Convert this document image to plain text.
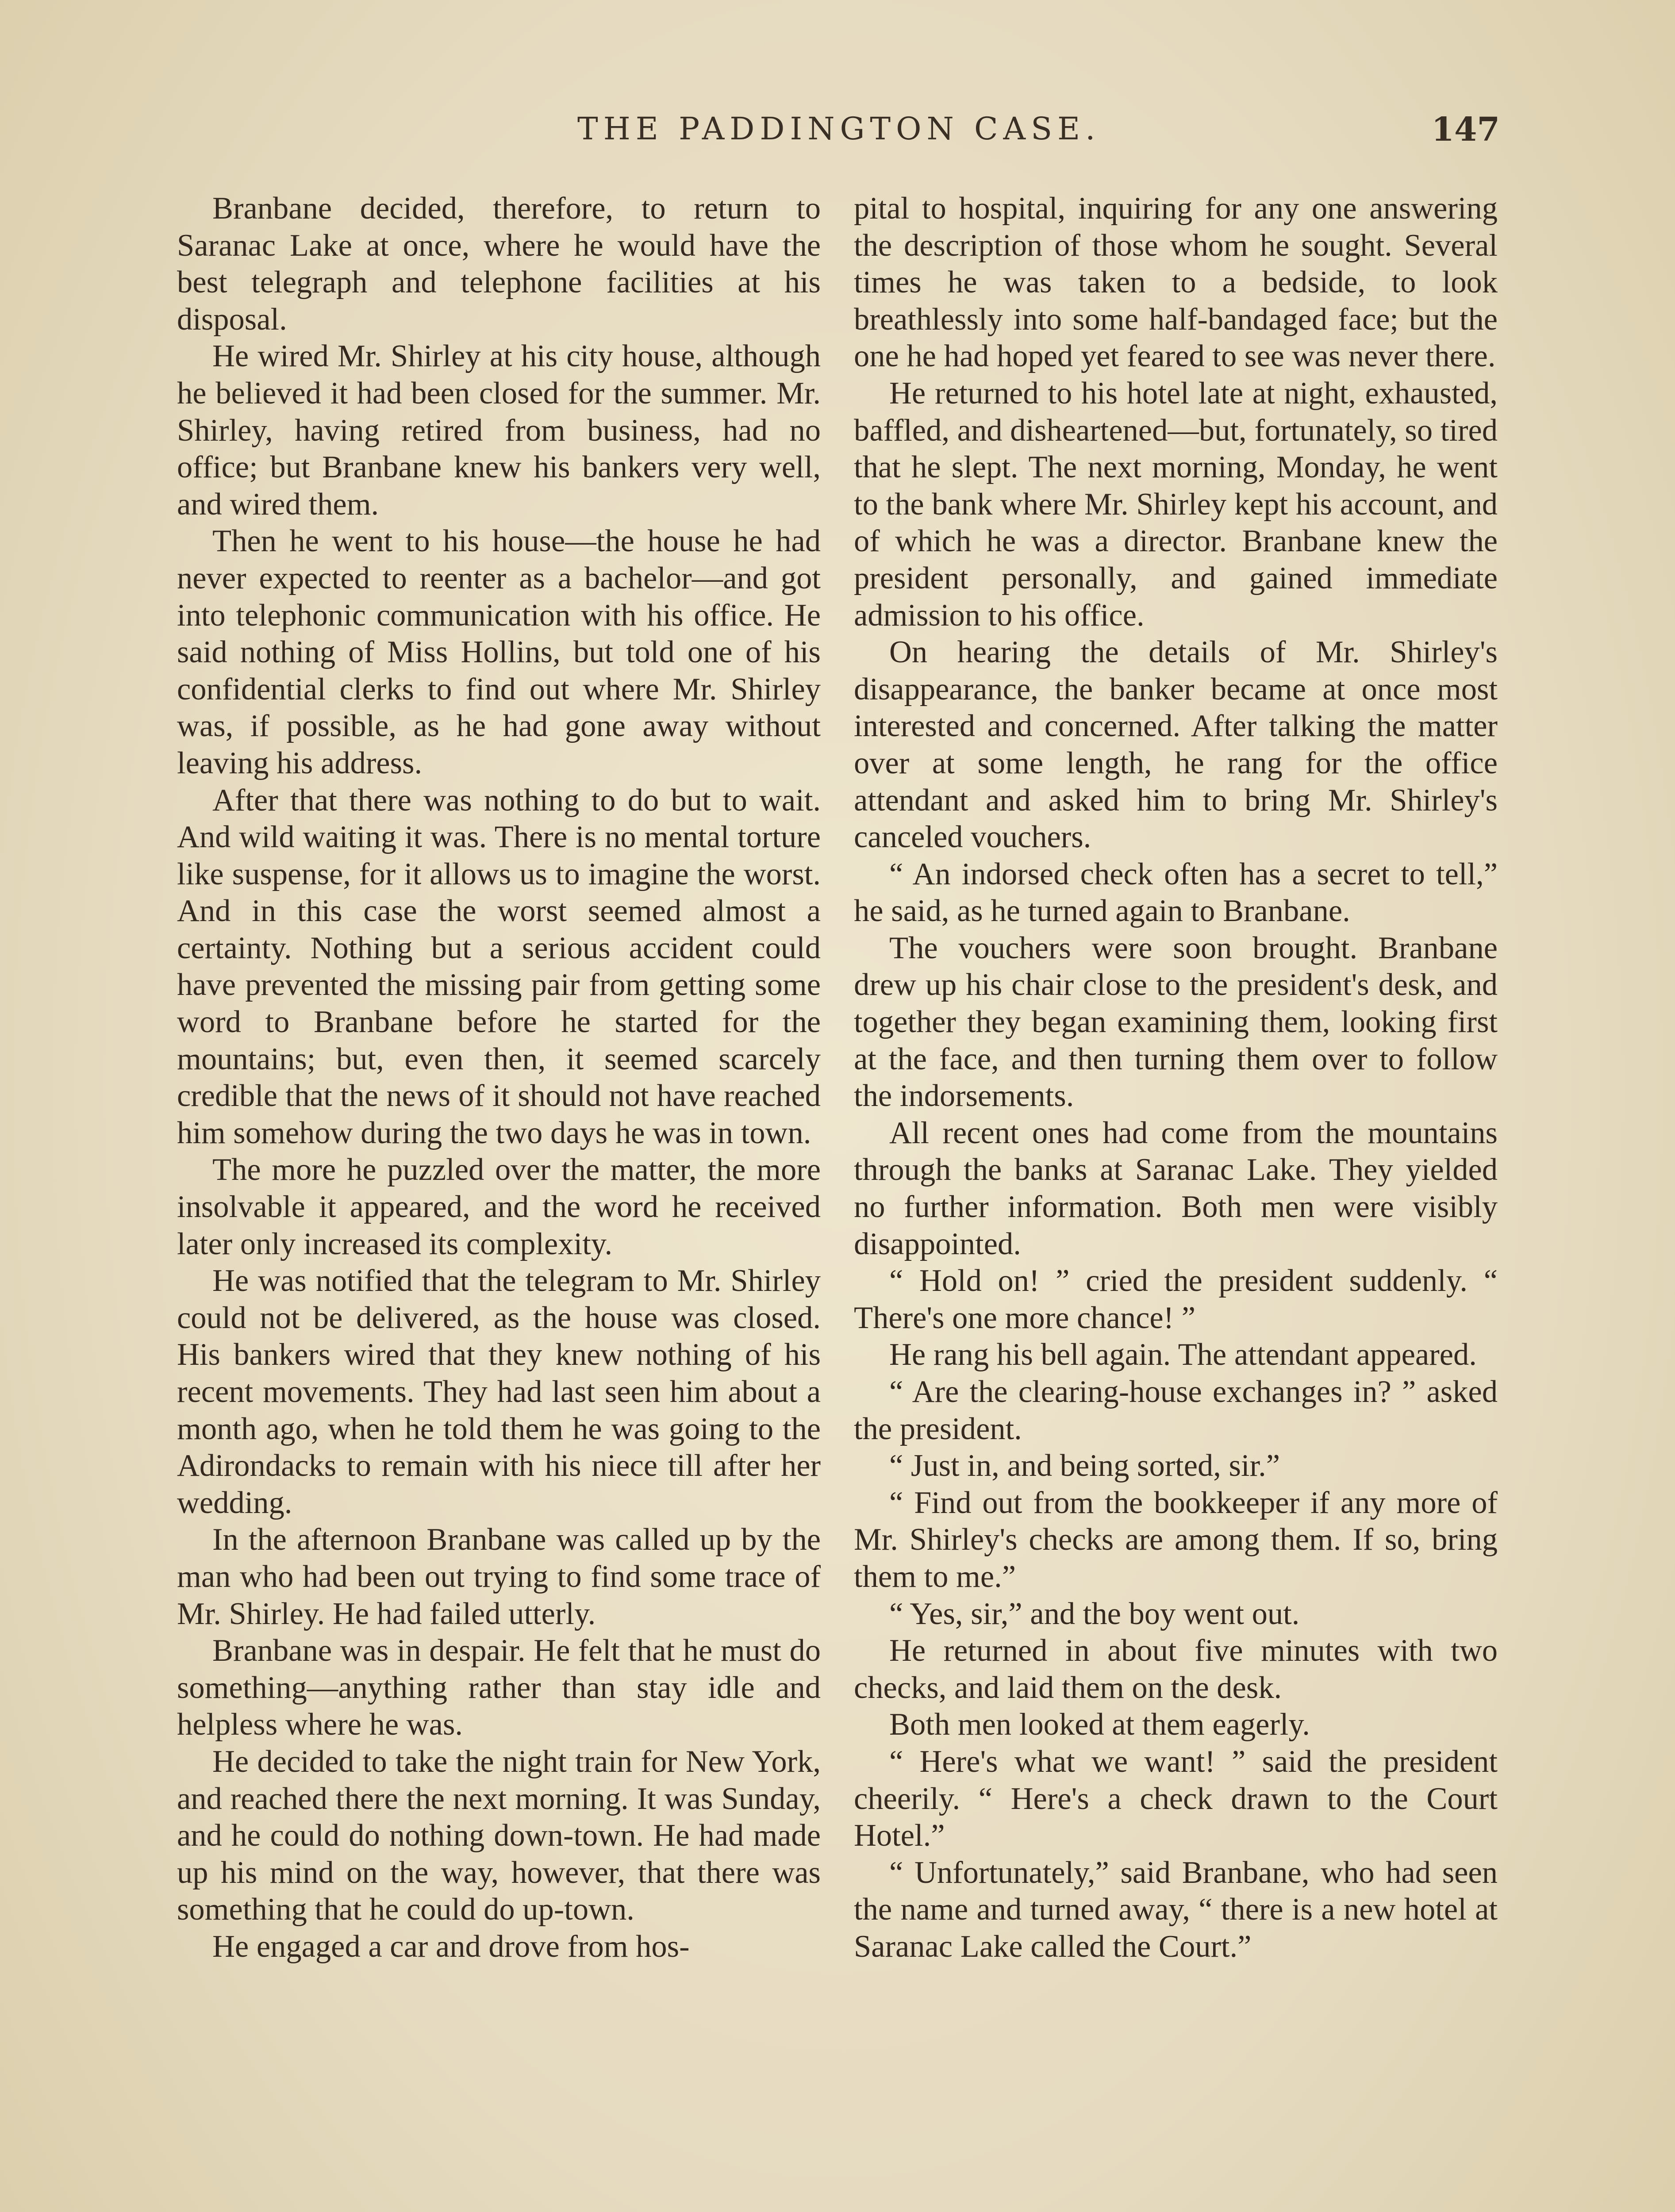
THE PADDINGTON CASE.	147

Branbane decided, therefore, to return to Saranac Lake at once, where he would have the best telegraph and telephone facilities at his disposal.

He wired Mr. Shirley at his city house, although he believed it had been closed for the summer. Mr. Shirley, having retired from business, had no office; but Branbane knew his bankers very well, and wired them.

Then he went to his house—the house he had never expected to reenter as a bachelor—and got into telephonic communication with his office. He said nothing of Miss Hollins, but told one of his confidential clerks to find out where Mr. Shirley was, if possible, as he had gone away without leaving his address.

After that there was nothing to do but to wait. And wild waiting it was. There is no mental torture like suspense, for it allows us to imagine the worst. And in this case the worst seemed almost a certainty. Nothing but a serious accident could have prevented the missing pair from getting some word to Branbane before he started for the mountains; but, even then, it seemed scarcely credible that the news of it should not have reached him somehow during the two days he was in town.

The more he puzzled over the matter, the more insolvable it appeared, and the word he received later only increased its complexity.

He was notified that the telegram to Mr. Shirley could not be delivered, as the house was closed. His bankers wired that they knew nothing of his recent movements. They had last seen him about a month ago, when he told them he was going to the Adirondacks to remain with his niece till after her wedding.

In the afternoon Branbane was called up by the man who had been out trying to find some trace of Mr. Shirley. He had failed utterly.

Branbane was in despair. He felt that he must do something—anything rather than stay idle and helpless where he was.

He decided to take the night train for New York, and reached there the next morning. It was Sunday, and he could do nothing down-town. He had made up his mind on the way, however, that there was something that he could do up-town.

He engaged a car and drove from hos-

pital to hospital, inquiring for any one answering the description of those whom he sought. Several times he was taken to a bedside, to look breathlessly into some half-bandaged face; but the one he had hoped yet feared to see was never there.

He returned to his hotel late at night, exhausted, baffled, and disheartened—but, fortunately, so tired that he slept. The next morning, Monday, he went to the bank where Mr. Shirley kept his account, and of which he was a director. Branbane knew the president personally, and gained immediate admission to his office.

On hearing the details of Mr. Shirley's disappearance, the banker became at once most interested and concerned. After talking the matter over at some length, he rang for the office attendant and asked him to bring Mr. Shirley's canceled vouchers.

“ An indorsed check often has a secret to tell,” he said, as he turned again to Branbane.

The vouchers were soon brought. Branbane drew up his chair close to the president's desk, and together they began examining them, looking first at the face, and then turning them over to follow the indorsements.

All recent ones had come from the mountains through the banks at Saranac Lake. They yielded no further information. Both men were visibly disappointed.

“ Hold on! ” cried the president suddenly. “ There's one more chance! ”

He rang his bell again. The attendant appeared.

“ Are the clearing-house exchanges in? ” asked the president.

“ Just in, and being sorted, sir.”

“ Find out from the bookkeeper if any more of Mr. Shirley's checks are among them. If so, bring them to me.”

“ Yes, sir,” and the boy went out.

He returned in about five minutes with two checks, and laid them on the desk.

Both men looked at them eagerly.

“ Here's what we want! ” said the president cheerily. “ Here's a check drawn to the Court Hotel.”

“ Unfortunately,” said Branbane, who had seen the name and turned away, “ there is a new hotel at Saranac Lake called the Court.”
